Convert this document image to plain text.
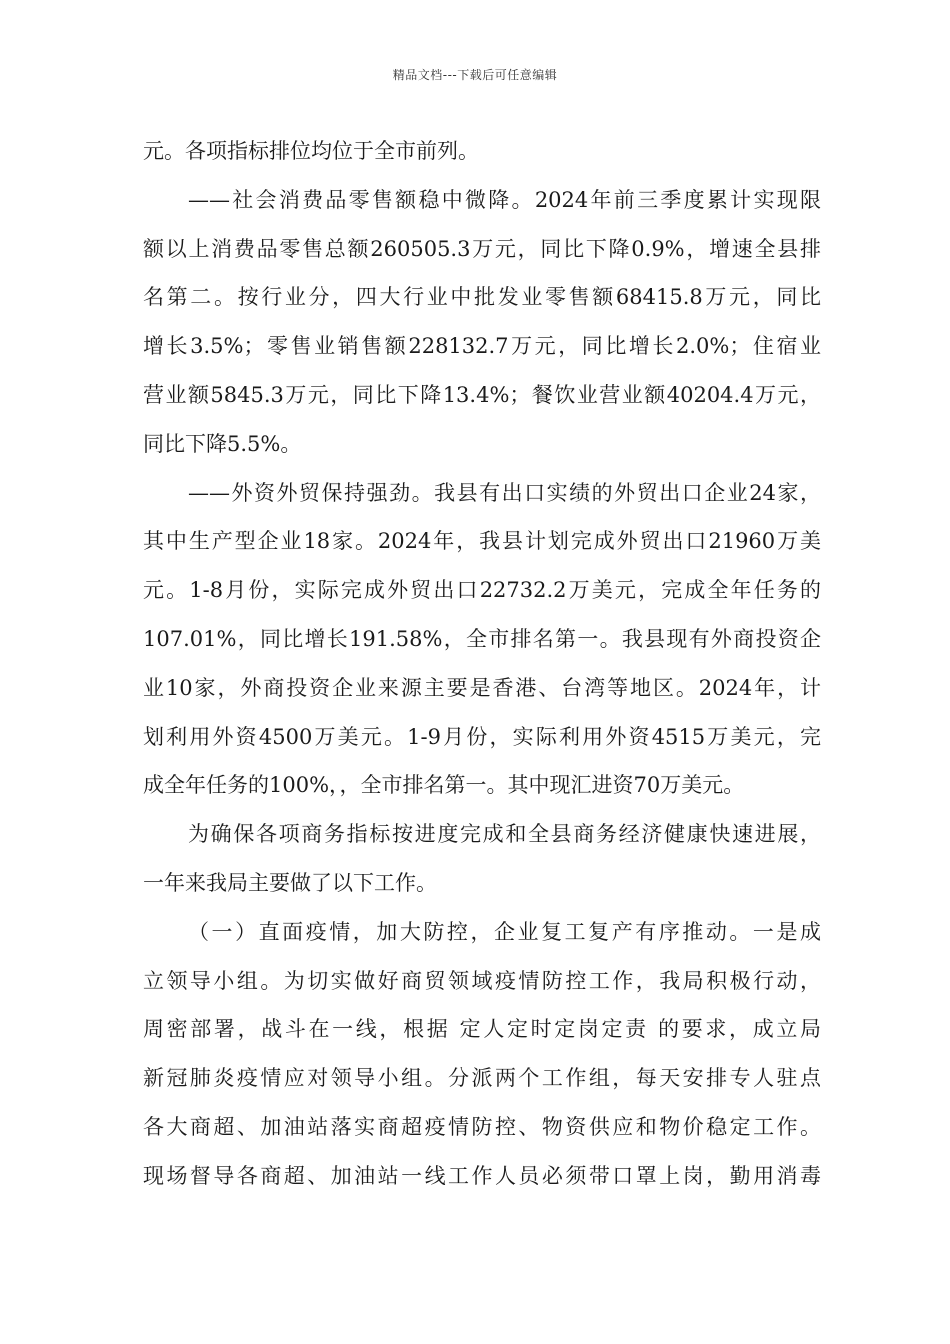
精品文档---下载后可任意编辑
元。各项指标排位均位于全市前列。
——社会消费品零售额稳中微降。2024年前三季度累计实现限
额以上消费品零售总额260505.3万元，同比下降0.9%，增速全县排
名第二。按行业分，四大行业中批发业零售额68415.8万元，同比
增长3.5%；零售业销售额228132.7万元，同比增长2.0%；住宿业
营业额5845.3万元，同比下降13.4%；餐饮业营业额40204.4万元，
同比下降5.5%。
——外资外贸保持强劲。我县有出口实绩的外贸出口企业24家，
其中生产型企业18家。2024年，我县计划完成外贸出口21960万美
元。1-8月份，实际完成外贸出口22732.2万美元，完成全年任务的
107.01%，同比增长191.58%，全市排名第一。我县现有外商投资企
业10家，外商投资企业来源主要是香港、台湾等地区。2024年，计
划利用外资4500万美元。1-9月份，实际利用外资4515万美元，完
成全年任务的100%，，全市排名第一。其中现汇进资70万美元。
为确保各项商务指标按进度完成和全县商务经济健康快速进展，
一年来我局主要做了以下工作。
（一）直面疫情，加大防控，企业复工复产有序推动。一是成
立领导小组。为切实做好商贸领域疫情防控工作，我局积极行动，
周密部署，战斗在一线，根据 定人定时定岗定责 的要求，成立局
新冠肺炎疫情应对领导小组。分派两个工作组，每天安排专人驻点
各大商超、加油站落实商超疫情防控、物资供应和物价稳定工作。
现场督导各商超、加油站一线工作人员必须带口罩上岗，勤用消毒
